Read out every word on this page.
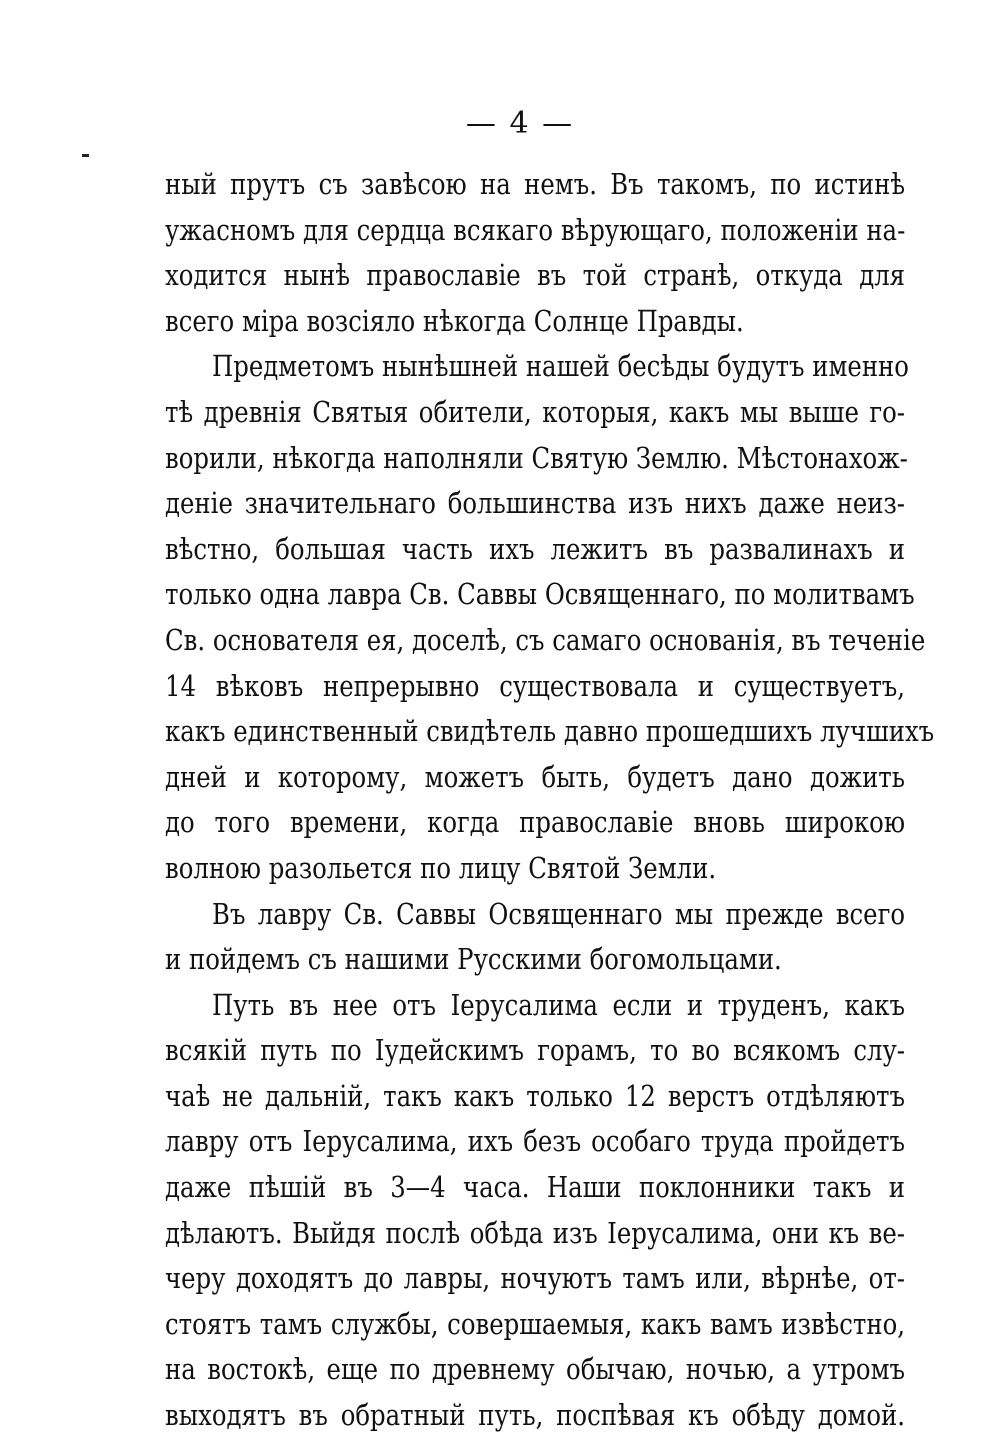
— 4 —
ный прутъ съ завѣсою на немъ. Въ такомъ, по истинѣ
ужасномъ для сердца всякаго вѣрующаго, положеніи на-
ходится нынѣ православіе въ той странѣ, откуда для
всего міра возсіяло нѣкогда Солнце Правды.
Предметомъ нынѣшней нашей бесѣды будутъ именно
тѣ древнія Святыя обители, которыя, какъ мы выше го-
ворили, нѣкогда наполняли Святую Землю. Мѣстонахож-
деніе значительнаго большинства изъ нихъ даже неиз-
вѣстно, большая часть ихъ лежитъ въ развалинахъ и
только одна лавра Св. Саввы Освященнаго, по молитвамъ
Св. основателя ея, доселѣ, съ самаго основанія, въ теченіе
14 вѣковъ непрерывно существовала и существуетъ,
какъ единственный свидѣтель давно прошедшихъ лучшихъ
дней и которому, можетъ быть, будетъ дано дожить
до того времени, когда православіе вновь широкою
волною разольется по лицу Святой Земли.
Въ лавру Св. Саввы Освященнаго мы прежде всего
и пойдемъ съ нашими Русскими богомольцами.
Путь въ нее отъ Іерусалима если и труденъ, какъ
всякій путь по Іудейскимъ горамъ, то во всякомъ слу-
чаѣ не дальній, такъ какъ только 12 верстъ отдѣляютъ
лавру отъ Іерусалима, ихъ безъ особаго труда пройдетъ
даже пѣшій въ 3—4 часа. Наши поклонники такъ и
дѣлаютъ. Выйдя послѣ обѣда изъ Іерусалима, они къ ве-
черу доходятъ до лавры, ночуютъ тамъ или, вѣрнѣе, от-
стоятъ тамъ службы, совершаемыя, какъ вамъ извѣстно,
на востокѣ, еще по древнему обычаю, ночью, а утромъ
выходятъ въ обратный путь, поспѣвая къ обѣду домой.
